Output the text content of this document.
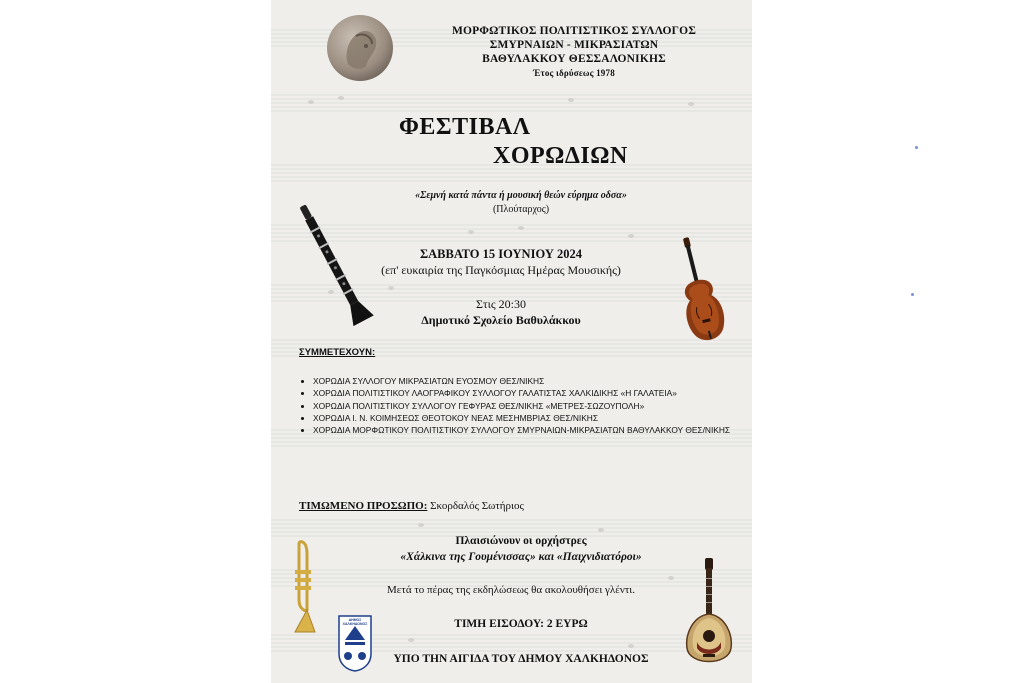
ΜΟΡΦΩΤΙΚΟΣ ΠΟΛΙΤΙΣΤΙΚΟΣ ΣΥΛΛΟΓΟΣ
ΣΜΥΡΝΑΙΩΝ - ΜΙΚΡΑΣΙΑΤΩΝ
ΒΑΘΥΛΑΚΚΟΥ ΘΕΣΣΑΛΟΝΙΚΗΣ
Έτος ιδρύσεως 1978
ΦΕΣΤΙΒΑΛ
ΧΟΡΩΔΙΩΝ
«Σεμνή κατά πάντα ή μουσική θεών εύρημα οδσα»
(Πλούταρχος)
ΣΑΒΒΑΤΟ 15 ΙΟΥΝΙΟΥ 2024
(επ' ευκαιρία της Παγκόσμιας Ημέρας Μουσικής)
Στις 20:30
Δημοτικό Σχολείο Βαθυλάκκου
ΣΥΜΜΕΤΕΧΟΥΝ:
• ΧΟΡΩΔΙΑ ΣΥΛΛΟΓΟΥ ΜΙΚΡΑΣΙΑΤΩΝ ΕΥΟΣΜΟΥ ΘΕΣ/ΝΙΚΗΣ
• ΧΟΡΩΔΙΑ ΠΟΛΙΤΙΣΤΙΚΟΥ ΛΑΟΓΡΑΦΙΚΟΥ ΣΥΛΛΟΓΟΥ ΓΑΛΑΤΙΣΤΑΣ ΧΑΛΚΙΔΙΚΗΣ «Η ΓΑΛΑΤΕΙΑ»
• ΧΟΡΩΔΙΑ ΠΟΛΙΤΙΣΤΙΚΟΥ ΣΥΛΛΟΓΟΥ ΓΕΦΥΡΑΣ ΘΕΣ/ΝΙΚΗΣ «ΜΕΤΡΕΣ-ΣΩΖΟΥΠΟΛΗ»
• ΧΟΡΩΔΙΑ Ι. Ν. ΚΟΙΜΗΣΕΩΣ ΘΕΟΤΟΚΟΥ ΝΕΑΣ ΜΕΣΗΜΒΡΙΑΣ ΘΕΣ/ΝΙΚΗΣ
• ΧΟΡΩΔΙΑ ΜΟΡΦΩΤΙΚΟΥ ΠΟΛΙΤΙΣΤΙΚΟΥ ΣΥΛΛΟΓΟΥ ΣΜΥΡΝΑΙΩΝ-ΜΙΚΡΑΣΙΑΤΩΝ ΒΑΘΥΛΑΚΚΟΥ ΘΕΣ/ΝΙΚΗΣ
ΤΙΜΩΜΕΝΟ ΠΡΟΣΩΠΟ: Σκορδαλός Σωτήριος
ΔΗΜΟΣ ΧΑΛΚΗΔΟΝΟΣ
Πλαισιώνουν οι ορχήστρες
«Χάλκινα της Γουμένισσας» και «Παιχνιδιατόροι»
Μετά το πέρας της εκδηλώσεως θα ακολουθήσει γλέντι.
ΤΙΜΗ ΕΙΣΟΔΟΥ: 2 ΕΥΡΩ
ΥΠΟ ΤΗΝ ΑΙΓΙΔΑ ΤΟΥ ΔΗΜΟΥ ΧΑΛΚΗΔΟΝΟΣ
